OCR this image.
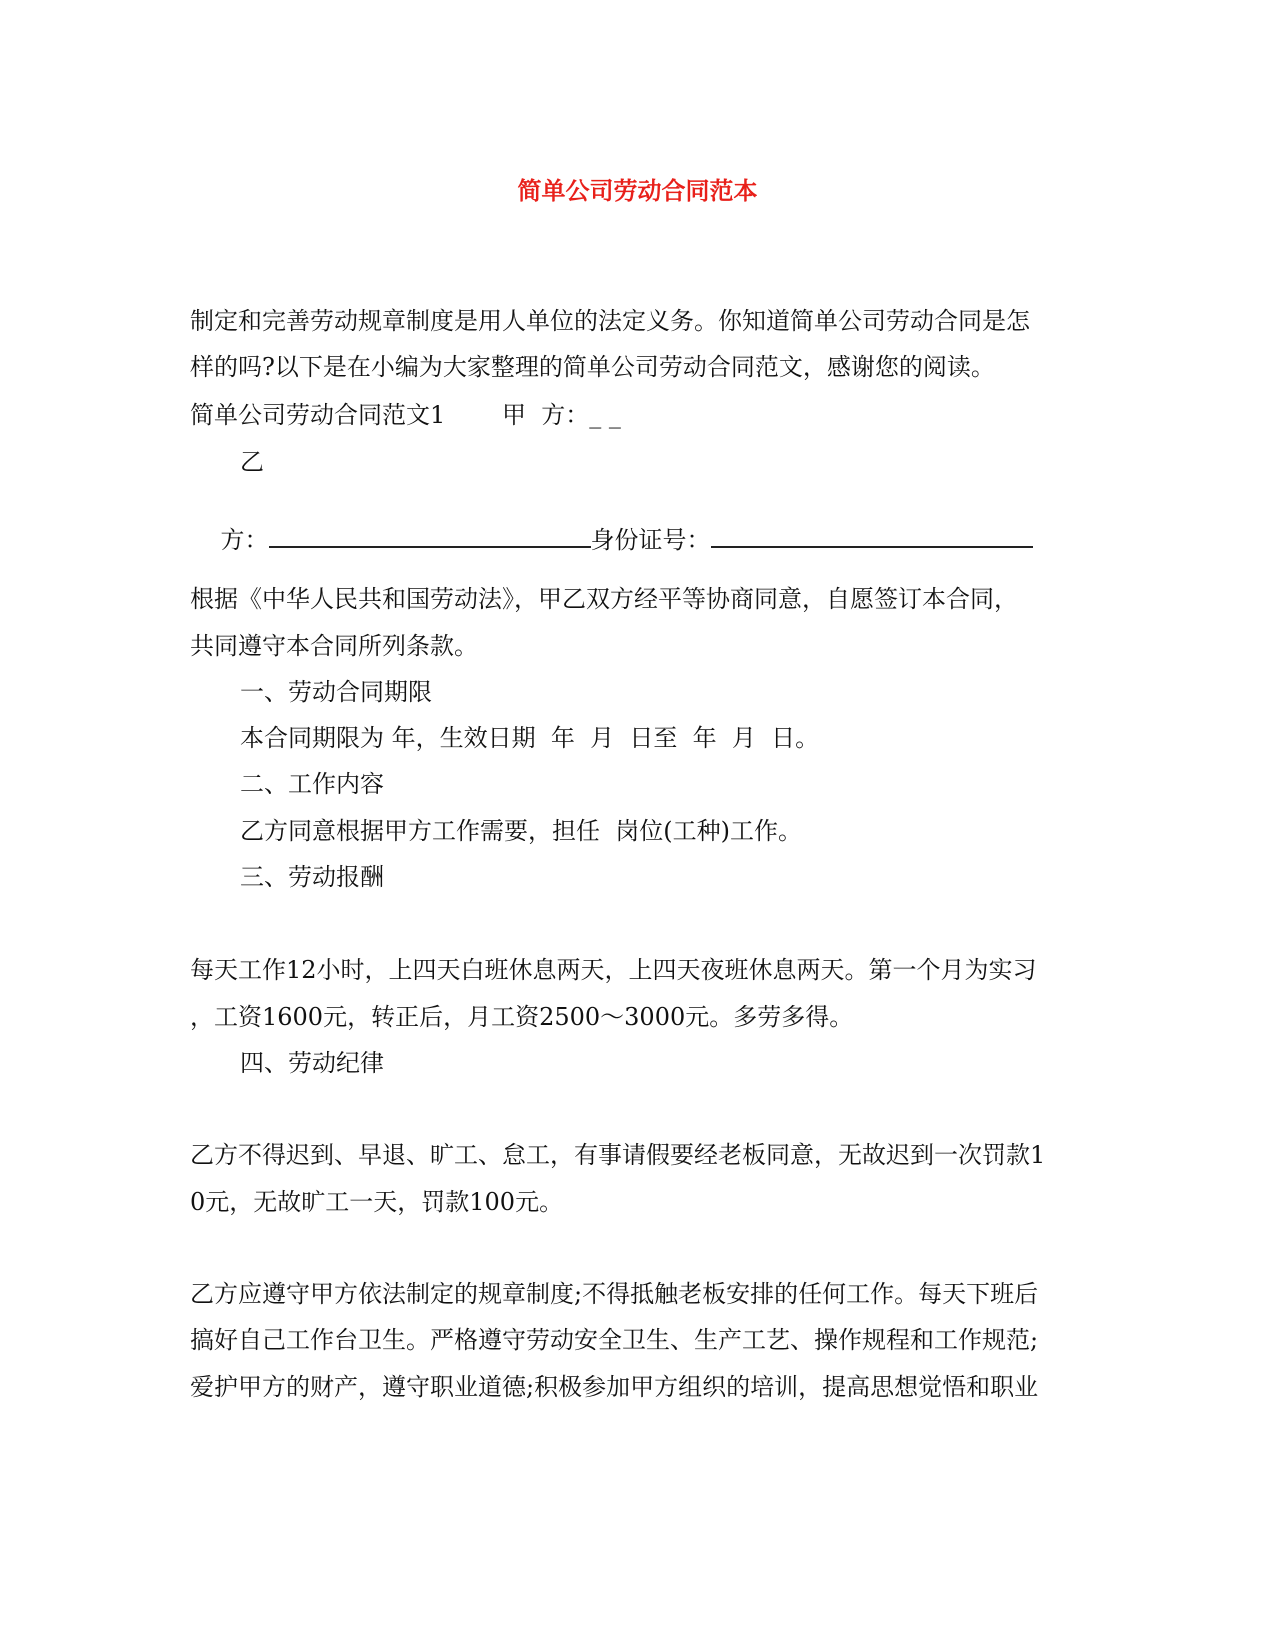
简单公司劳动合同范本
制定和完善劳动规章制度是用人单位的法定义务。你知道简单公司劳动合同是怎
样的吗?以下是在小编为大家整理的简单公司劳动合同范文，感谢您的阅读。
简单公司劳动合同范文1 甲  方：_ _
乙

方：	身份证号：

根据《中华人民共和国劳动法》，甲乙双方经平等协商同意，自愿签订本合同，
共同遵守本合同所列条款。
一、劳动合同期限
本合同期限为 年，生效日期  年  月  日至  年  月  日。
二、工作内容
乙方同意根据甲方工作需要，担任  岗位(工种)工作。
三、劳动报酬
每天工作12小时，上四天白班休息两天，上四天夜班休息两天。第一个月为实习
，工资1600元，转正后，月工资2500～3000元。多劳多得。
四、劳动纪律
乙方不得迟到、早退、旷工、怠工，有事请假要经老板同意，无故迟到一次罚款1
0元，无故旷工一天，罚款100元。
乙方应遵守甲方依法制定的规章制度;不得抵触老板安排的任何工作。每天下班后
搞好自己工作台卫生。严格遵守劳动安全卫生、生产工艺、操作规程和工作规范;
爱护甲方的财产，遵守职业道德;积极参加甲方组织的培训，提高思想觉悟和职业
